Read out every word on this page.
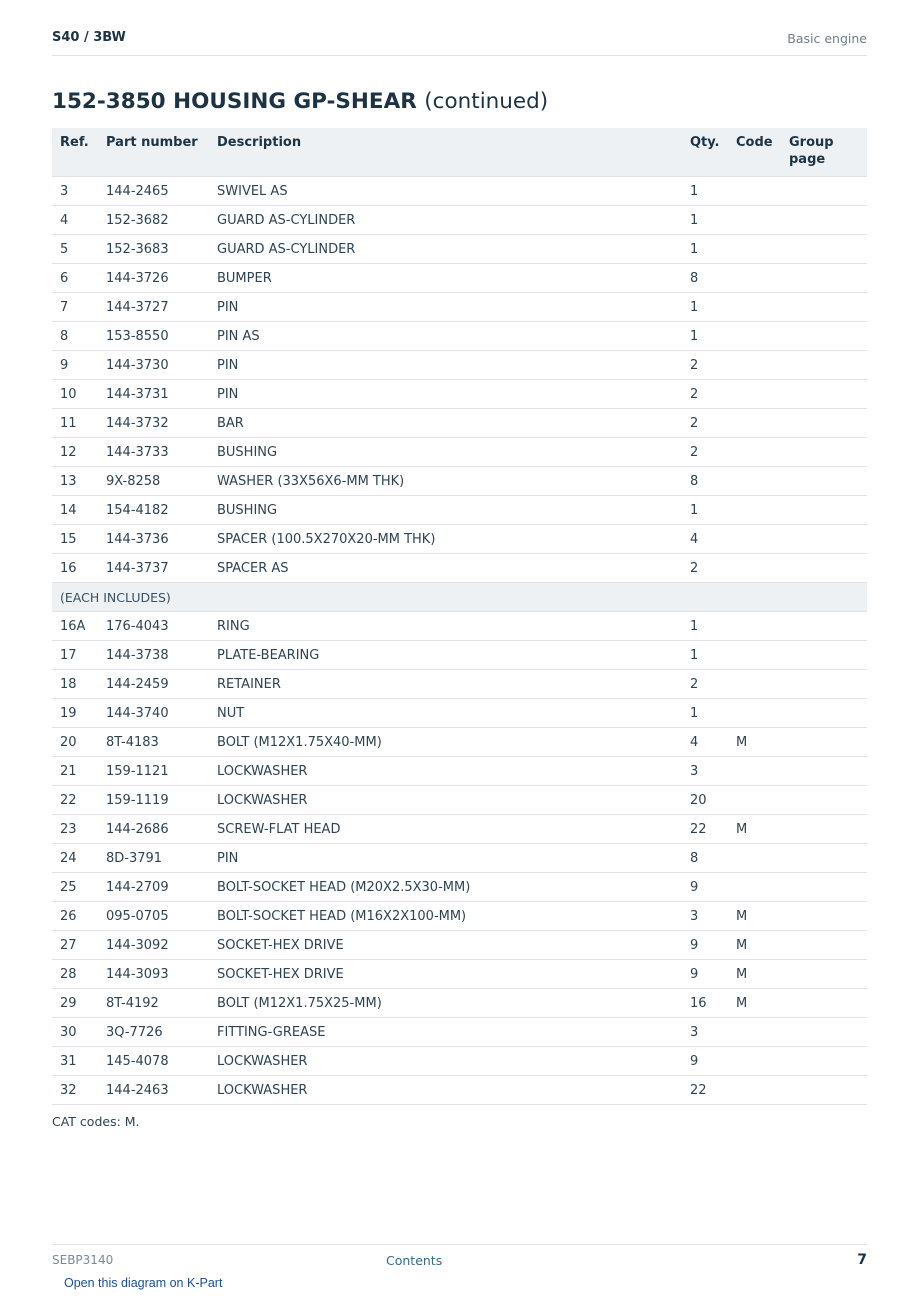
S40 / 3BW	Basic engine
152-3850 HOUSING GP-SHEAR (continued)
Ref.	Part number	Description	Qty.	Code	Group page
3	144-2465	SWIVEL AS	1		
4	152-3682	GUARD AS-CYLINDER	1		
5	152-3683	GUARD AS-CYLINDER	1		
6	144-3726	BUMPER	8		
7	144-3727	PIN	1		
8	153-8550	PIN AS	1		
9	144-3730	PIN	2		
10	144-3731	PIN	2		
11	144-3732	BAR	2		
12	144-3733	BUSHING	2		
13	9X-8258	WASHER (33X56X6-MM THK)	8		
14	154-4182	BUSHING	1		
15	144-3736	SPACER (100.5X270X20-MM THK)	4		
16	144-3737	SPACER AS	2		
(EACH INCLUDES)					
16A	176-4043	RING	1		
17	144-3738	PLATE-BEARING	1		
18	144-2459	RETAINER	2		
19	144-3740	NUT	1		
20	8T-4183	BOLT (M12X1.75X40-MM)	4	M	
21	159-1121	LOCKWASHER	3		
22	159-1119	LOCKWASHER	20		
23	144-2686	SCREW-FLAT HEAD	22	M	
24	8D-3791	PIN	8		
25	144-2709	BOLT-SOCKET HEAD (M20X2.5X30-MM)	9		
26	095-0705	BOLT-SOCKET HEAD (M16X2X100-MM)	3	M	
27	144-3092	SOCKET-HEX DRIVE	9	M	
28	144-3093	SOCKET-HEX DRIVE	9	M	
29	8T-4192	BOLT (M12X1.75X25-MM)	16	M	
30	3Q-7726	FITTING-GREASE	3		
31	145-4078	LOCKWASHER	9		
32	144-2463	LOCKWASHER	22		
CAT codes: M.
SEBP3140	Contents	7
Open this diagram on K-Part
